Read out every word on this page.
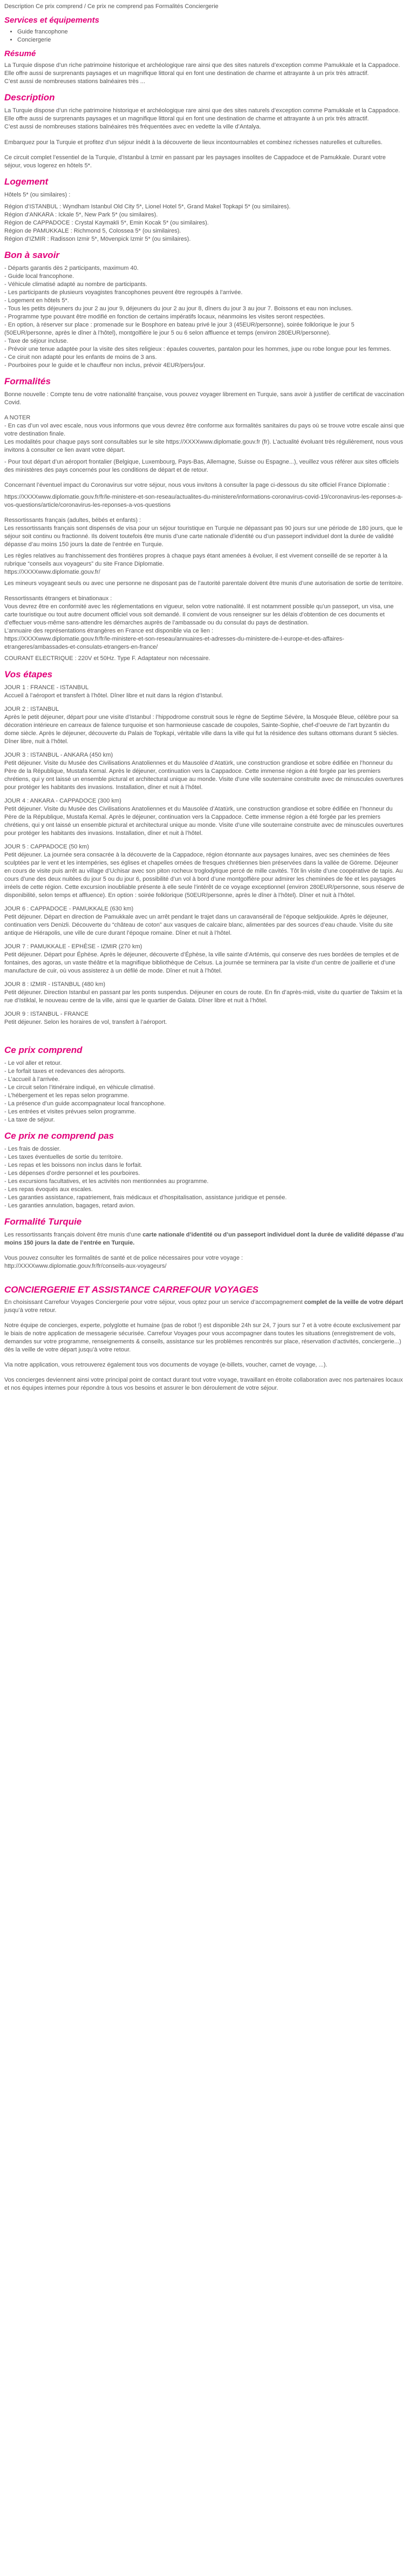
Description Ce prix comprend / Ce prix ne comprend pas Formalités Conciergerie
Services et équipements
• Guide francophone
• Conciergerie
Résumé

La Turquie dispose d’un riche patrimoine historique et archéologique rare ainsi que des sites naturels d’exception comme Pamukkale et la Cappadoce. Elle offre aussi de surprenants paysages et un magnifique littoral qui en font une destination de charme et attrayante à un prix très attractif.

C’est aussi de nombreuses stations balnéaires très ...

Description

La Turquie dispose d’un riche patrimoine historique et archéologique rare ainsi que des sites naturels d’exception comme Pamukkale et la Cappadoce. Elle offre aussi de surprenants paysages et un magnifique littoral qui en font une destination de charme et attrayante à un prix très attractif.

C’est aussi de nombreuses stations balnéaires très fréquentées avec en vedette la ville d’Antalya.

Embarquez pour la Turquie et profitez d’un séjour inédit à la découverte de lieux incontournables et combinez richesses naturelles et culturelles.

Ce circuit complet l’essentiel de la Turquie, d’Istanbul à Izmir en passant par les paysages insolites de Cappadoce et de Pamukkale. Durant votre séjour, vous logerez en hôtels 5*.

Logement

Hôtels 5* (ou similaires) :

Région d’ISTANBUL : Wyndham Istanbul Old City 5*, Lionel Hotel 5*, Grand Makel Topkapi 5* (ou similaires).

Région d’ANKARA : Ickale 5*, New Park 5* (ou similaires).

Région de CAPPADOCE : Crystal Kaymakli 5*, Emin Kocak 5* (ou similaires).

Région de PAMUKKALE : Richmond 5, Colossea 5* (ou similaires).

Région d’IZMIR : Radisson Izmir 5*, Mövenpick Izmir 5* (ou similaires).

Bon à savoir

- Départs garantis dès 2 participants, maximum 40.

- Guide local francophone.

- Véhicule climatisé adapté au nombre de participants.

- Les participants de plusieurs voyagistes francophones peuvent être regroupés à l’arrivée.

- Logement en hôtels 5*.

- Tous les petits déjeuners du jour 2 au jour 9, déjeuners du jour 2 au jour 8, dîners du jour 3 au jour 7. Boissons et eau non incluses.

- Programme type pouvant être modifié en fonction de certains impératifs locaux, néanmoins les visites seront respectées.

- En option, à réserver sur place : promenade sur le Bosphore en bateau privé le jour 3 (45EUR/personne), soirée folklorique le jour 5 (50EUR/personne, après le dîner à l’hôtel), montgolfière le jour 5 ou 6 selon affluence et temps (environ 280EUR/personne).

- Taxe de séjour incluse.

- Prévoir une tenue adaptée pour la visite des sites religieux : épaules couvertes, pantalon pour les hommes, jupe ou robe longue pour les femmes.

- Ce ciruit non adapté pour les enfants de moins de 3 ans.

- Pourboires pour le guide et le chauffeur non inclus, prévoir 4EUR/pers/jour.

Formalités

Bonne nouvelle : Compte tenu de votre nationalité française, vous pouvez voyager librement en Turquie, sans avoir à justifier de certificat de vaccination Covid.

A NOTER

- En cas d’un vol avec escale, nous vous informons que vous devrez être conforme aux formalités sanitaires du pays où se trouve votre escale ainsi que votre destination finale.

Les modalités pour chaque pays sont consultables sur le site https://XXXXwww.diplomatie.gouv.fr (fr). L’actualité évoluant très régulièrement, nous vous invitons à consulter ce lien avant votre départ.

- Pour tout départ d’un aéroport frontalier (Belgique, Luxembourg, Pays-Bas, Allemagne, Suisse ou Espagne...), veuillez vous référer aux sites officiels des ministères des pays concernés pour les conditions de départ et de retour.

Concernant l’éventuel impact du Coronavirus sur votre séjour, nous vous invitons à consulter la page ci-dessous du site officiel France Diplomatie :

https://XXXXwww.diplomatie.gouv.fr/fr/le-ministere-et-son-reseau/actualites-du-ministere/informations-coronavirus-covid-19/coronavirus-les-reponses-a-vos-questions/article/coronavirus-les-reponses-a-vos-questions

Ressortissants français (adultes, bébés et enfants) :

Les ressortissants français sont dispensés de visa pour un séjour touristique en Turquie ne dépassant pas 90 jours sur une période de 180 jours, que le séjour soit continu ou fractionné. Ils doivent toutefois être munis d’une carte nationale d’identité ou d’un passeport individuel dont la durée de validité dépasse d’au moins 150 jours la date de l’entrée en Turquie.

Les règles relatives au franchissement des frontières propres à chaque pays étant amenées à évoluer, il est vivement conseillé de se reporter à la rubrique “conseils aux voyageurs” du site France Diplomatie.

https://XXXXwww.diplomatie.gouv.fr/

Les mineurs voyageant seuls ou avec une personne ne disposant pas de l’autorité parentale doivent être munis d’une autorisation de sortie de territoire.

Ressortissants étrangers et binationaux :

Vous devrez être en conformité avec les réglementations en vigueur, selon votre nationalité. Il est notamment possible qu’un passeport, un visa, une carte touristique ou tout autre document officiel vous soit demandé. Il convient de vous renseigner sur les délais d’obtention de ces documents et d’effectuer vous-même sans-attendre les démarches auprès de l’ambassade ou du consulat du pays de destination.

L’annuaire des représentations étrangères en France est disponible via ce lien :

https://XXXXwww.diplomatie.gouv.fr/fr/le-ministere-et-son-reseau/annuaires-et-adresses-du-ministere-de-l-europe-et-des-affaires-etrangeres/ambassades-et-consulats-etrangers-en-france/

COURANT ELECTRIQUE : 220V et 50Hz. Type F. Adaptateur non nécessaire.

Vos étapes

JOUR 1 : FRANCE - ISTANBUL

Accueil à l’aéroport et transfert à l’hôtel. Dîner libre et nuit dans la région d’Istanbul.

JOUR 2 : ISTANBUL

Après le petit déjeuner, départ pour une visite d’Istanbul : l’hippodrome construit sous le règne de Septime Sévère, la Mosquée Bleue, célèbre pour sa décoration intérieure en carreaux de faïence turquoise et son harmonieuse cascade de coupoles, Sainte-Sophie, chef-d’oeuvre de l’art byzantin du dome siècle. Après le déjeuner, découverte du Palais de Topkapi, véritable ville dans la ville qui fut la résidence des sultans ottomans durant 5 siècles. Dîner libre, nuit à l’hôtel.

JOUR 3 : ISTANBUL - ANKARA (450 km)

Petit déjeuner. Visite du Musée des Civilisations Anatoliennes et du Mausolée d’Atatürk, une construction grandiose et sobre édifiée en l’honneur du Père de la République, Mustafa Kemal. Après le déjeuner, continuation vers la Cappadoce. Cette immense région a été forgée par les premiers chrétiens, qui y ont laissé un ensemble pictural et architectural unique au monde. Visite d’une ville souterraine construite avec de minuscules ouvertures pour protéger les habitants des invasions. Installation, dîner et nuit à l’hôtel.

JOUR 4 : ANKARA - CAPPADOCE (300 km)

Petit déjeuner. Visite du Musée des Civilisations Anatoliennes et du Mausolée d’Atatürk, une construction grandiose et sobre édifiée en l’honneur du Père de la République, Mustafa Kemal. Après le déjeuner, continuation vers la Cappadoce. Cette immense région a été forgée par les premiers chrétiens, qui y ont laissé un ensemble pictural et architectural unique au monde. Visite d’une ville souterraine construite avec de minuscules ouvertures pour protéger les habitants des invasions. Installation, dîner et nuit à l’hôtel.

JOUR 5 : CAPPADOCE (50 km)

Petit déjeuner. La journée sera consacrée à la découverte de la Cappadoce, région étonnante aux paysages lunaires, avec ses cheminées de fées sculptées par le vent et les intempéries, ses églises et chapelles ornées de fresques chrétiennes bien préservées dans la vallée de Göreme. Déjeuner en cours de visite puis arrêt au village d’Uchisar avec son piton rocheux troglodytique percé de mille cavités. Tôt lin visite d’une coopérative de tapis. Au cours d’une des deux nuitées du jour 5 ou du jour 6, possibilité d’un vol à bord d’une montgolfière pour admirer les cheminées de fée et les paysages irréels de cette région. Cette excursion inoubliable présente à elle seule l’intérêt de ce voyage exceptionnel (environ 280EUR/personne, sous réserve de disponibilité, selon temps et affluence). En option : soirée folklorique (50EUR/personne, après le dîner à l’hôtel). Dîner et nuit à l’hôtel.

JOUR 6 : CAPPADOCE - PAMUKKALE (630 km)

Petit déjeuner. Départ en direction de Pamukkale avec un arrêt pendant le trajet dans un caravansérail de l’époque seldjoukide. Après le déjeuner, continuation vers Denizli. Découverte du “château de coton” aux vasques de calcaire blanc, alimentées par des sources d’eau chaude. Visite du site antique de Hiérapolis, une ville de cure durant l’époque romaine. Dîner et nuit à l’hôtel.

JOUR 7 : PAMUKKALE - EPHÈSE - IZMIR (270 km)

Petit déjeuner. Départ pour Éphèse. Après le déjeuner, découverte d’Éphèse, la ville sainte d’Artémis, qui conserve des rues bordées de temples et de fontaines, des agoras, un vaste théâtre et la magnifique bibliothèque de Celsus. La journée se terminera par la visite d’un centre de joaillerie et d’une manufacture de cuir, où vous assisterez à un défilé de mode. Dîner et nuit à l’hôtel.

JOUR 8 : IZMIR - ISTANBUL (480 km)

Petit déjeuner. Direction Istanbul en passant par les ponts suspendus. Déjeuner en cours de route. En fin d’après-midi, visite du quartier de Taksim et la rue d’Istiklal, le nouveau centre de la ville, ainsi que le quartier de Galata. Dîner libre et nuit à l’hôtel.

JOUR 9 : ISTANBUL - FRANCE

Petit déjeuner. Selon les horaires de vol, transfert à l’aéroport.

Ce prix comprend

- Le vol aller et retour.

- Le forfait taxes et redevances des aéroports.

- L’accueil à l’arrivée.

- Le circuit selon l’itinéraire indiqué, en véhicule climatisé.

- L’hébergement et les repas selon programme.

- La présence d’un guide accompagnateur local francophone.

- Les entrées et visites prévues selon programme.

- La taxe de séjour.

Ce prix ne comprend pas

- Les frais de dossier.

- Les taxes éventuelles de sortie du territoire.

- Les repas et les boissons non inclus dans le forfait.

- Les dépenses d’ordre personnel et les pourboires.

- Les excursions facultatives, et les activités non mentionnées au programme.

- Les repas évoqués aux escales.

- Les garanties assistance, rapatriement, frais médicaux et d’hospitalisation, assistance juridique et pensée.

- Les garanties annulation, bagages, retard avion.

Formalité Turquie

Les ressortissants français doivent être munis d’une carte nationale d’identité ou d’un passeport individuel dont la durée de validité dépasse d’au moins 150 jours la date de l’entrée en Turquie.

Vous pouvez consulter les formalités de santé et de police nécessaires pour votre voyage :

http://XXXXwww.diplomatie.gouv.fr/fr/conseils-aux-voyageurs/

CONCIERGERIE ET ASSISTANCE CARREFOUR VOYAGES

En choisissant Carrefour Voyages Conciergerie pour votre séjour, vous optez pour un service d’accompagnement complet de la veille de votre départ jusqu’à votre retour.

Notre équipe de concierges, experte, polyglotte et humaine (pas de robot !) est disponible 24h sur 24, 7 jours sur 7 et à votre écoute exclusivement par le biais de notre application de messagerie sécurisée. Carrefour Voyages pour vous accompagner dans toutes les situations (enregistrement de vols, demandes sur votre programme, renseignements & conseils, assistance sur les problèmes rencontrés sur place, réservation d’activités, conciergerie...) dès la veille de votre départ jusqu’à votre retour.

Via notre application, vous retrouverez également tous vos documents de voyage (e-billets, voucher, carnet de voyage, ...).

Vos concierges deviennent ainsi votre principal point de contact durant tout votre voyage, travaillant en étroite collaboration avec nos partenaires locaux et nos équipes internes pour répondre à tous vos besoins et assurer le bon déroulement de votre séjour.
